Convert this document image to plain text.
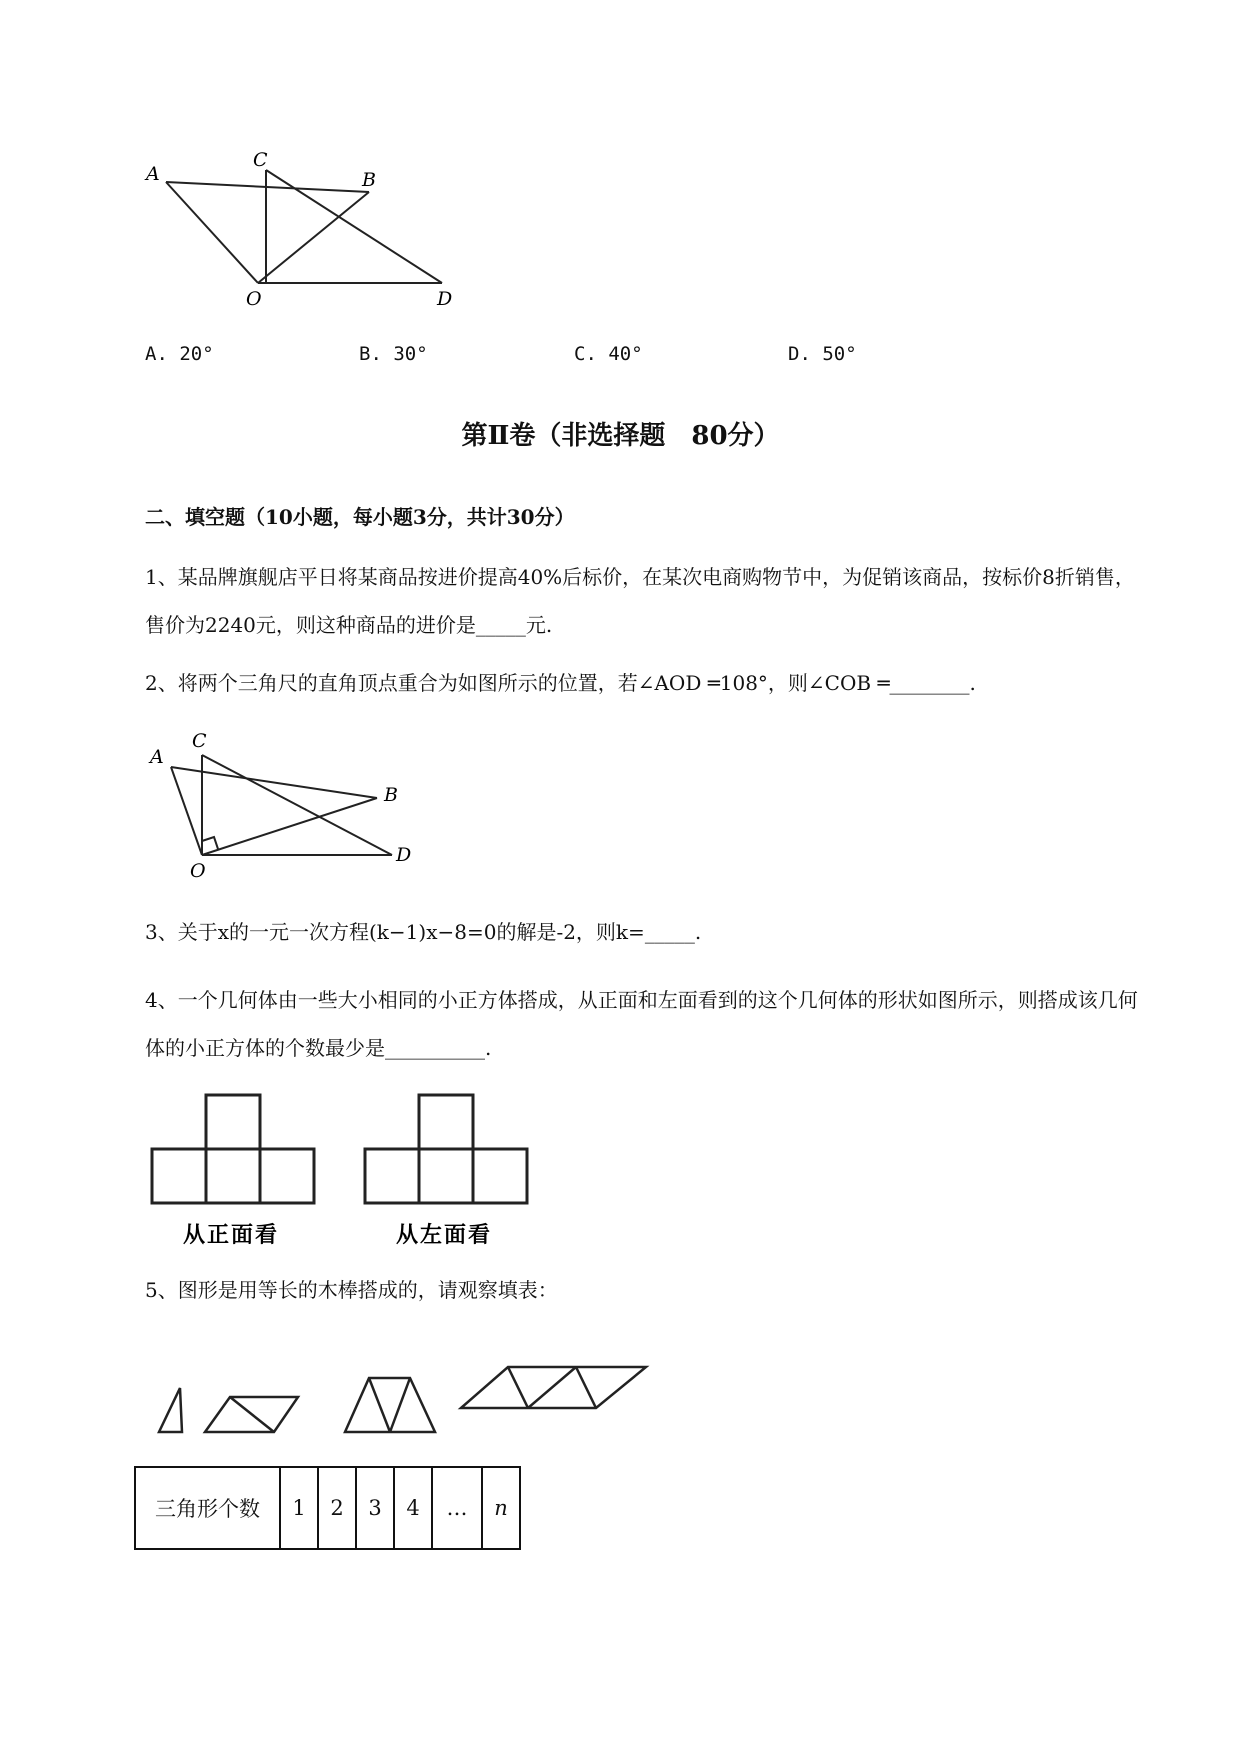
A
C
B
O	D
A. 20°	B. 30°	C. 40°	D. 50°
第Ⅱ卷（非选择题　80分）
二、填空题（10小题，每小题3分，共计30分）
1、某品牌旗舰店平日将某商品按进价提高40%后标价，在某次电商购物节中，为促销该商品，按标价8折销售，售价为2240元，则这种商品的进价是_____元.
2、将两个三角尺的直角顶点重合为如图所示的位置，若∠AOD ═108°，则∠COB ═________.
A
C
B
O
D
3、关于x的一元一次方程(k−1)x−8=0的解是-2，则k=_____.
4、一个几何体由一些大小相同的小正方体搭成，从正面和左面看到的这个几何体的形状如图所示，则搭成该几何体的小正方体的个数最少是__________.
从正面看	从左面看
5、图形是用等长的木棒搭成的，请观察填表：
三角形个数	1	2	3	4	…	n
